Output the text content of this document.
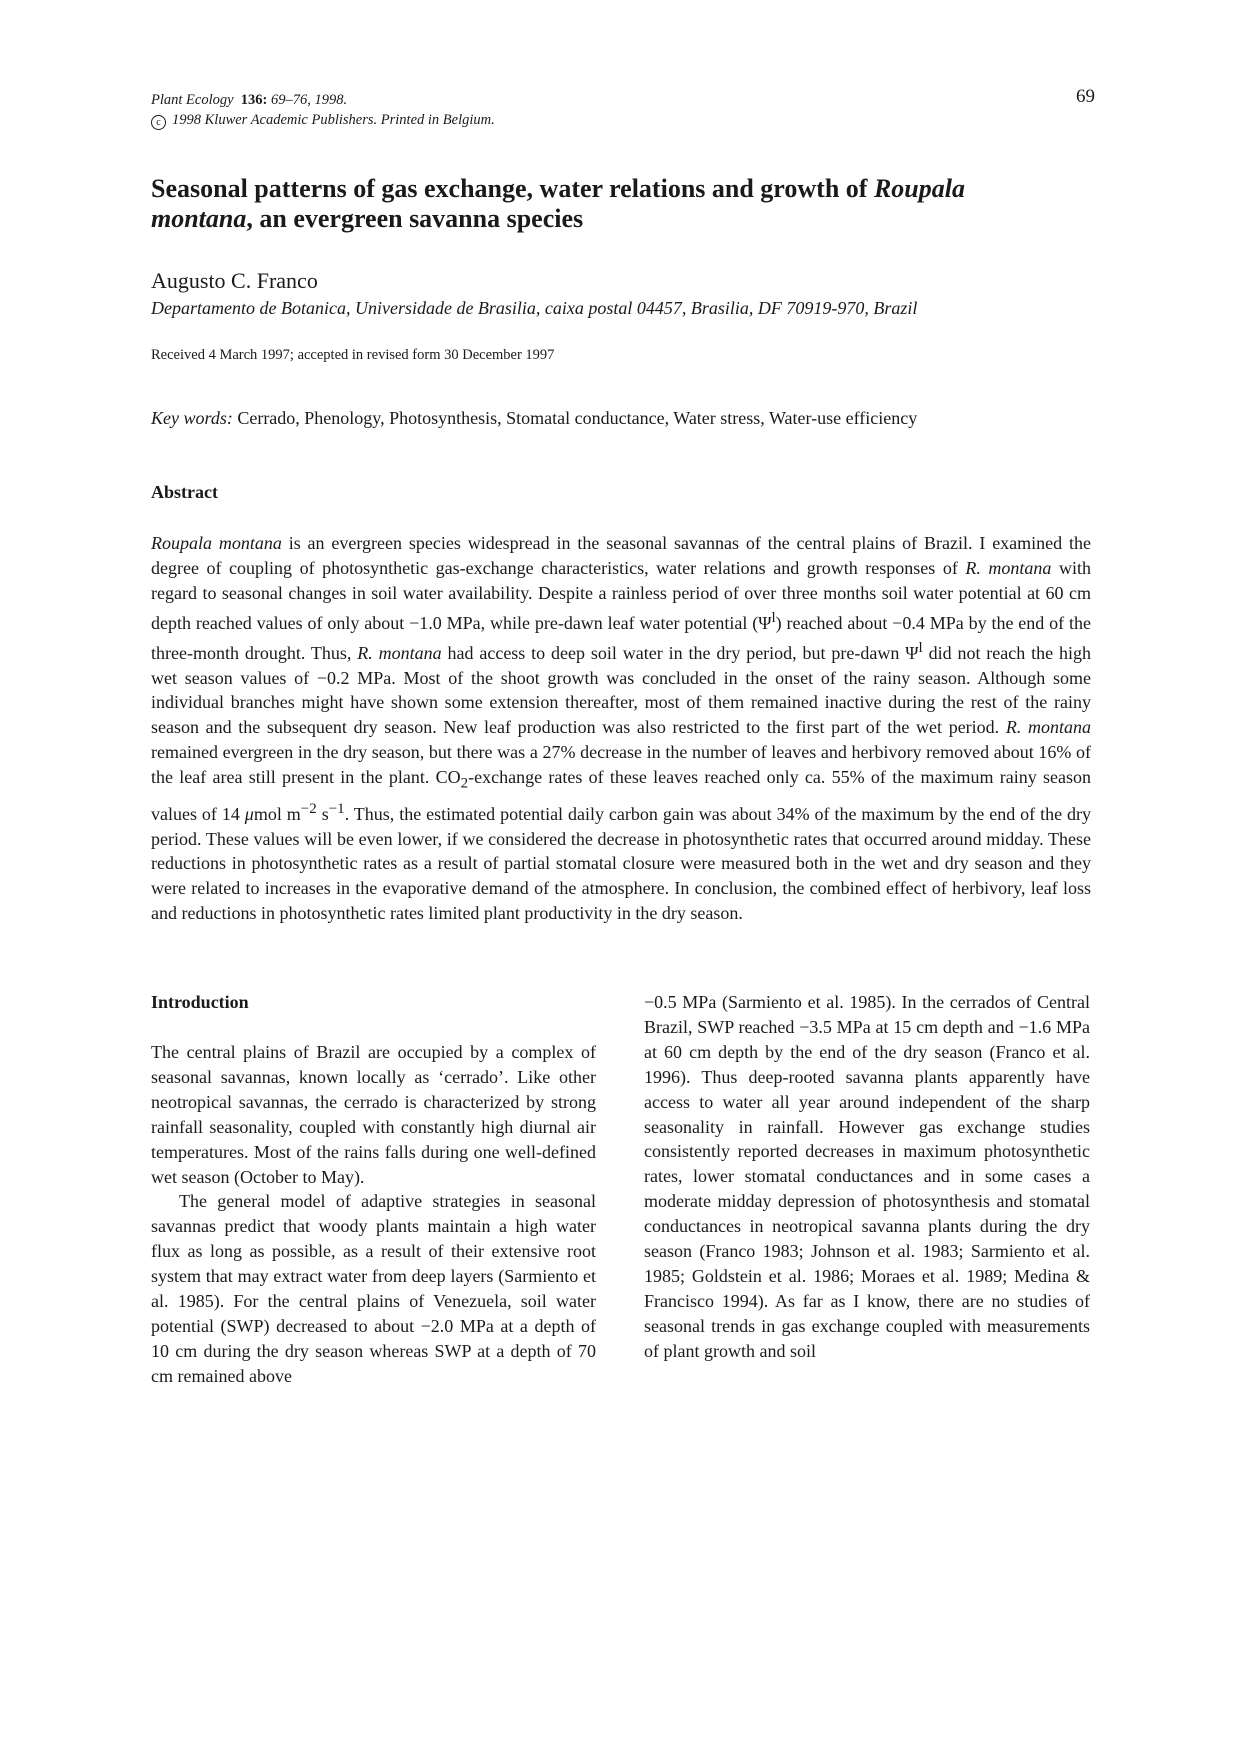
Plant Ecology 136: 69–76, 1998.
c 1998 Kluwer Academic Publishers. Printed in Belgium.
69
Seasonal patterns of gas exchange, water relations and growth of Roupala
montana, an evergreen savanna species
Augusto C. Franco
Departamento de Botanica, Universidade de Brasilia, caixa postal 04457, Brasilia, DF 70919-970, Brazil
Received 4 March 1997; accepted in revised form 30 December 1997
Key words: Cerrado, Phenology, Photosynthesis, Stomatal conductance, Water stress, Water-use efficiency
Abstract

Roupala montana is an evergreen species widespread in the seasonal savannas of the central plains of Brazil. I examined the degree of coupling of photosynthetic gas-exchange characteristics, water relations and growth responses of R. montana with regard to seasonal changes in soil water availability. Despite a rainless period of over three months soil water potential at 60 cm depth reached values of only about −1.0 MPa, while pre-dawn leaf water potential $(\Psi^l)$ reached about −0.4 MPa by the end of the three-month drought. Thus, R. montana had access to deep soil water in the dry period, but pre-dawn $\Psi^l$ did not reach the high wet season values of −0.2 MPa. Most of the shoot growth was concluded in the onset of the rainy season. Although some individual branches might have shown some extension thereafter, most of them remained inactive during the rest of the rainy season and the subsequent dry season. New leaf production was also restricted to the first part of the wet period. R. montana remained evergreen in the dry season, but there was a 27% decrease in the number of leaves and herbivory removed about 16% of the leaf area still present in the plant. $CO_2$-exchange rates of these leaves reached only ca. 55% of the maximum rainy season values of 14 μmol $m^{-2}$ $s^{-1}$. Thus, the estimated potential daily carbon gain was about 34% of the maximum by the end of the dry period. These values will be even lower, if we considered the decrease in photosynthetic rates that occurred around midday. These reductions in photosynthetic rates as a result of partial stomatal closure were measured both in the wet and dry season and they were related to increases in the evaporative demand of the atmosphere. In conclusion, the combined effect of herbivory, leaf loss and reductions in photosynthetic rates limited plant productivity in the dry season.

Introduction

The central plains of Brazil are occupied by a complex of seasonal savannas, known locally as ‘cerrado’. Like other neotropical savannas, the cerrado is characterized by strong rainfall seasonality, coupled with constantly high diurnal air temperatures. Most of the rains falls during one well-defined wet season (October to May).

The general model of adaptive strategies in seasonal savannas predict that woody plants maintain a high water flux as long as possible, as a result of their extensive root system that may extract water from deep layers (Sarmiento et al. 1985). For the central plains of Venezuela, soil water potential (SWP) decreased to about −2.0 MPa at a depth of 10 cm during the dry season whereas SWP at a depth of 70 cm remained above

−0.5 MPa (Sarmiento et al. 1985). In the cerrados of Central Brazil, SWP reached −3.5 MPa at 15 cm depth and −1.6 MPa at 60 cm depth by the end of the dry season (Franco et al. 1996). Thus deep-rooted savanna plants apparently have access to water all year around independent of the sharp seasonality in rainfall. However gas exchange studies consistently reported decreases in maximum photosynthetic rates, lower stomatal conductances and in some cases a moderate midday depression of photosynthesis and stomatal conductances in neotropical savanna plants during the dry season (Franco 1983; Johnson et al. 1983; Sarmiento et al. 1985; Goldstein et al. 1986; Moraes et al. 1989; Medina & Francisco 1994). As far as I know, there are no studies of seasonal trends in gas exchange coupled with measurements of plant growth and soil
